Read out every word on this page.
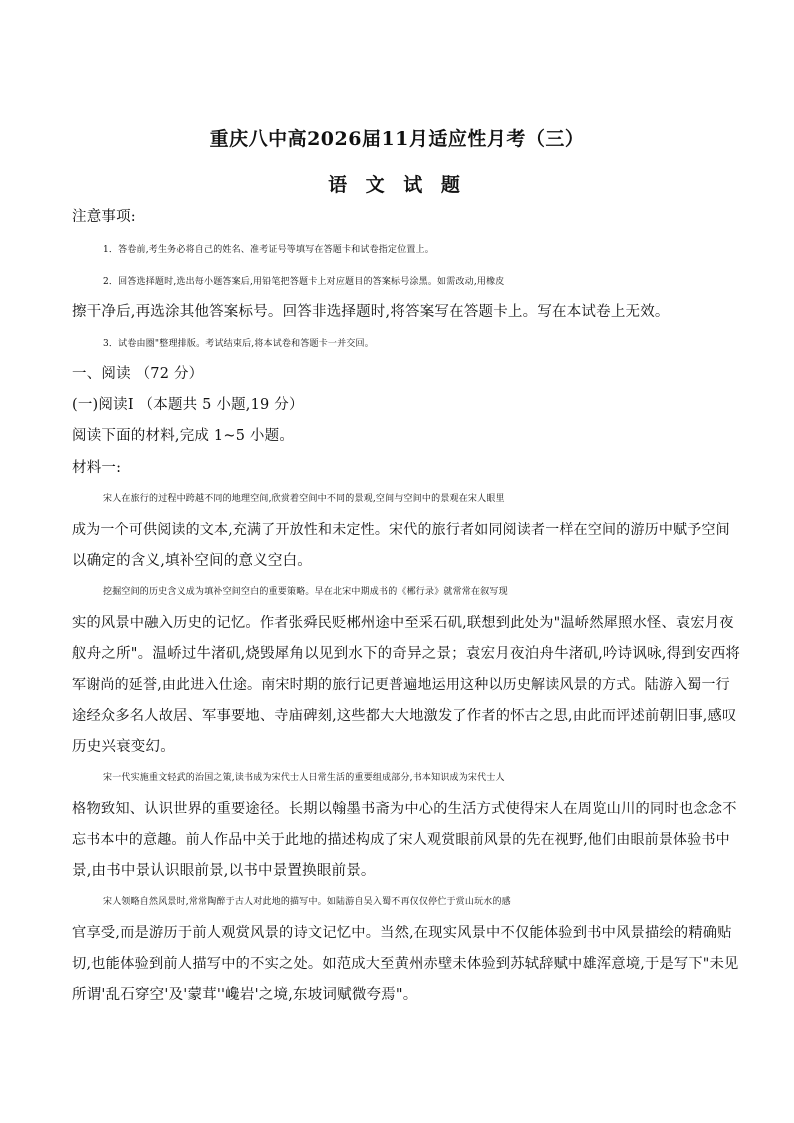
重庆八中高2026届11月适应性月考（三）
语 文 试 题
注意事项:
1．答卷前,考生务必将自己的姓名、准考证号等填写在答题卡和试卷指定位置上。
2．回答选择题时,选出每小题答案后,用铅笔把答题卡上对应题目的答案标号涂黑。如需改动,用橡皮
擦干净后,再选涂其他答案标号。回答非选择题时,将答案写在答题卡上。写在本试卷上无效。
3．试卷由圈"整理排版。考试结束后,将本试卷和答题卡一并交回。
一、阅读 （72 分）
(一)阅读Ⅰ （本题共 5 小题,19 分）
阅读下面的材料,完成 1~5 小题。
材料一:
宋人在旅行的过程中跨越不同的地理空间,欣赏着空间中不同的景观,空间与空间中的景观在宋人眼里
成为一个可供阅读的文本,充满了开放性和未定性。宋代的旅行者如同阅读者一样在空间的游历中赋予空间
以确定的含义,填补空间的意义空白。
挖掘空间的历史含义成为填补空间空白的重要策略。早在北宋中期成书的《郴行录》就常常在叙写现
实的风景中融入历史的记忆。作者张舜民贬郴州途中至采石矶,联想到此处为"温峤然犀照水怪、袁宏月夜
舣舟之所"。温峤过牛渚矶,烧毁犀角以见到水下的奇异之景；袁宏月夜泊舟牛渚矶,吟诗讽咏,得到安西将
军谢尚的延誉,由此进入仕途。南宋时期的旅行记更普遍地运用这种以历史解读风景的方式。陆游入蜀一行
途经众多名人故居、军事要地、寺庙碑刻,这些都大大地激发了作者的怀古之思,由此而评述前朝旧事,感叹
历史兴衰变幻。
宋一代实施重文轻武的治国之策,读书成为宋代士人日常生活的重要组成部分,书本知识成为宋代士人
格物致知、认识世界的重要途径。长期以翰墨书斋为中心的生活方式使得宋人在周览山川的同时也念念不
忘书本中的意趣。前人作品中关于此地的描述构成了宋人观赏眼前风景的先在视野,他们由眼前景体验书中
景,由书中景认识眼前景,以书中景置换眼前景。
宋人领略自然风景时,常常陶醉于古人对此地的描写中。如陆游自吴入蜀不再仅仅停伫于赏山玩水的感
官享受,而是游历于前人观赏风景的诗文记忆中。当然,在现实风景中不仅能体验到书中风景描绘的精确贴
切,也能体验到前人描写中的不实之处。如范成大至黄州赤壁未体验到苏轼辞赋中雄浑意境,于是写下"未见
所谓'乱石穿空'及'蒙茸''巉岩'之境,东坡词赋微夸焉"。
